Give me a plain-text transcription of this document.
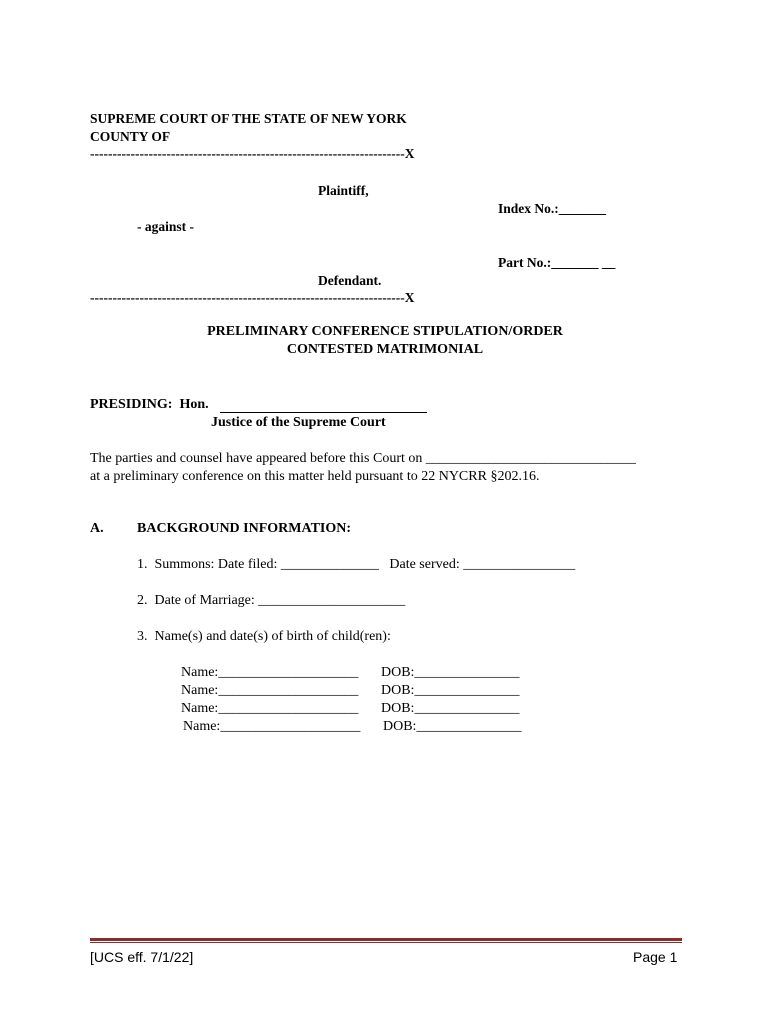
SUPREME COURT OF THE STATE OF NEW YORK
COUNTY OF
----------------------------------------------------------------------X
Plaintiff,
Index No.:_______
- against -
Part No.:_______ __
Defendant.
----------------------------------------------------------------------X
PRELIMINARY CONFERENCE STIPULATION/ORDER
CONTESTED MATRIMONIAL
PRESIDING:  Hon.
Justice of the Supreme Court
The parties and counsel have appeared before this Court on ______________________________
at a preliminary conference on this matter held pursuant to 22 NYCRR §202.16.
A. BACKGROUND INFORMATION:
1.  Summons: Date filed: ______________   Date served: ________________
2.  Date of Marriage: _____________________
3.  Name(s) and date(s) of birth of child(ren):
Name:____________________ DOB:_______________
Name:____________________ DOB:_______________
Name:____________________ DOB:_______________
Name:____________________ DOB:_______________
[UCS eff. 7/1/22]	Page 1
